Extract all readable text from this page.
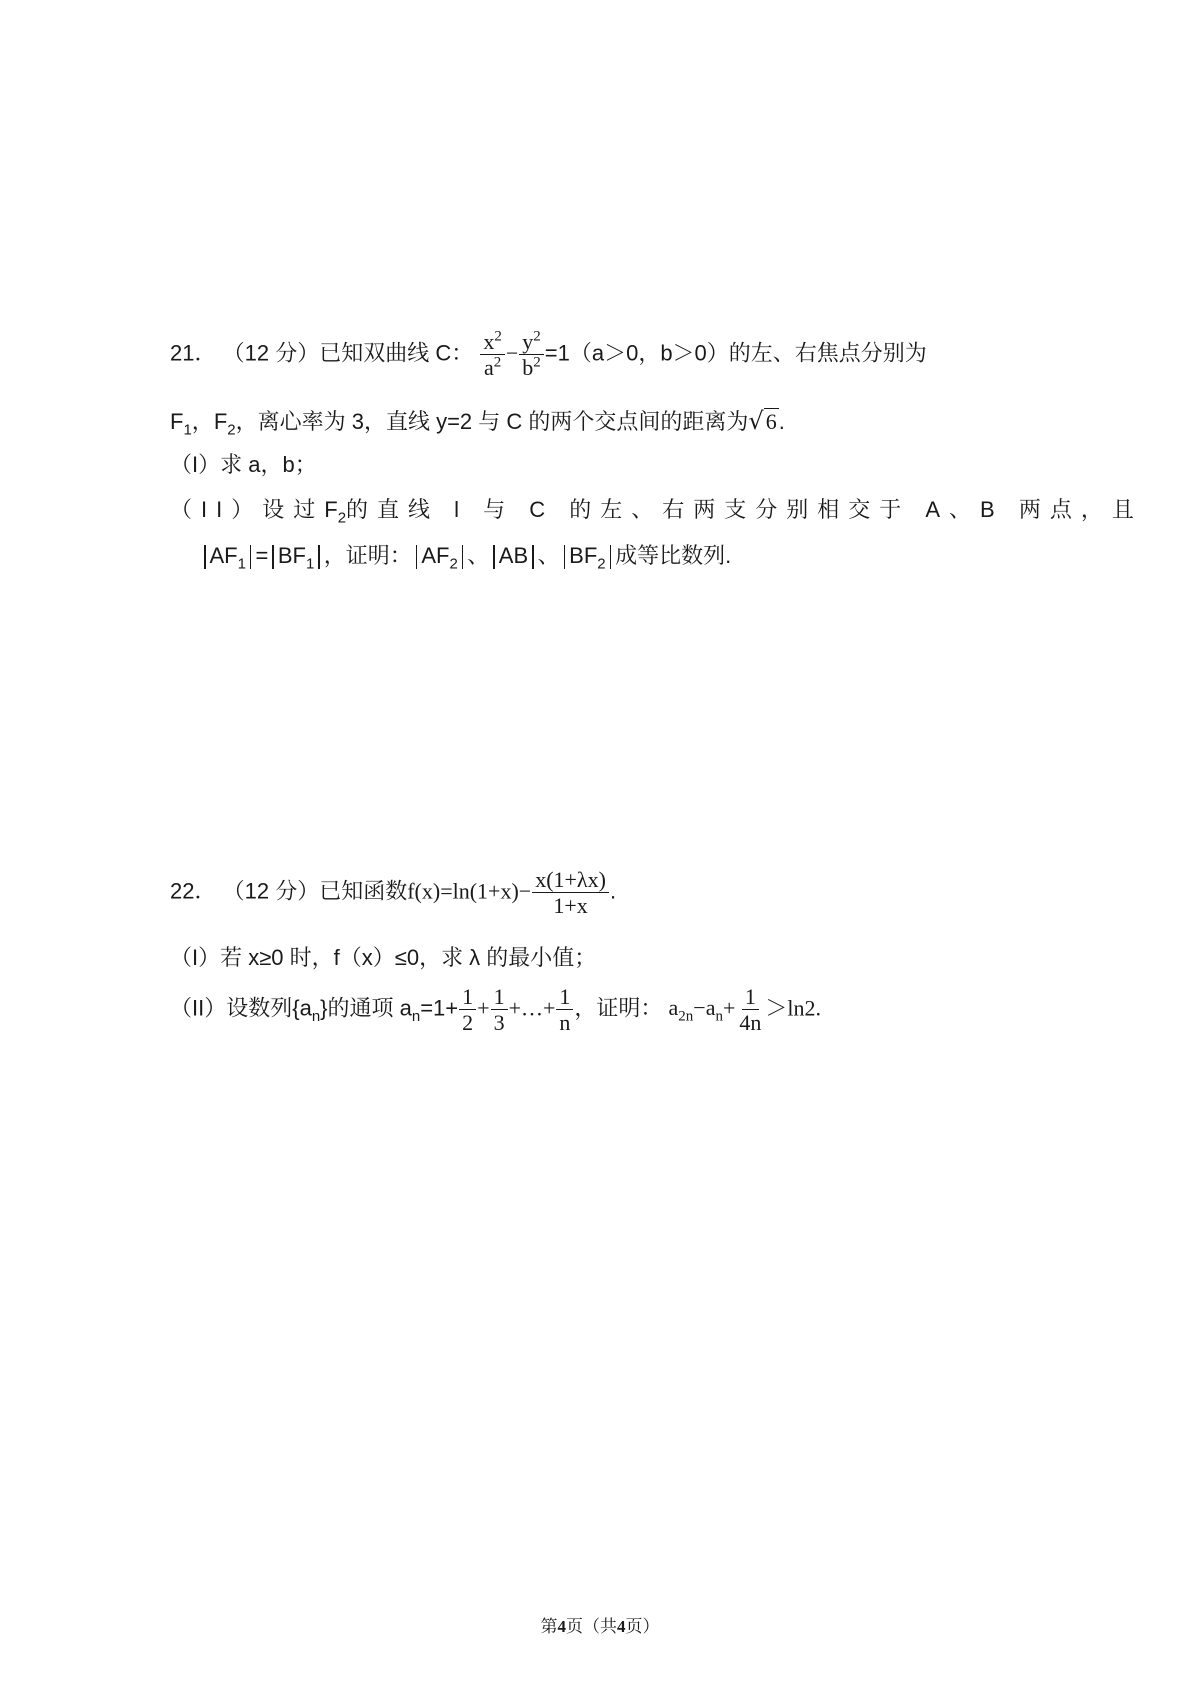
21． （12 分）已知双曲线 C： $\frac{x^2}{a^2} - \frac{y^2}{b^2} =1(a>0$，b＞0）的左、右焦点分别为
$F_1$，$F_2$，离心率为 3，直线 y=2 与 C 的两个交点间的距离为√6.
（I）求 a，b；
（II）设过$F_2$的直线 l 与 C 的左、右两支分别相交于 A、B 两点，且
$AF_1 = BF_1$ ，证明： $AF_2$ 、 AB 、 $BF_2$ 成等比数列.
22． （12 分）已知函数$f(x)=\ln(1+x)- \frac{x(1+\lambda x)}{1+x}$ .
（I）若 x≥0 时，f（x）≤0，求 λ 的最小值；
（II）设数列$\{a_n\}$的通项 $a_n=1+ \frac{1}{2} + \frac{1}{3}$ +…+ $\frac{1}{n}$ ，证明： $a_{2n}-a_n+ \frac{1}{4n} >\ln 2$.
第4页（共4页）
